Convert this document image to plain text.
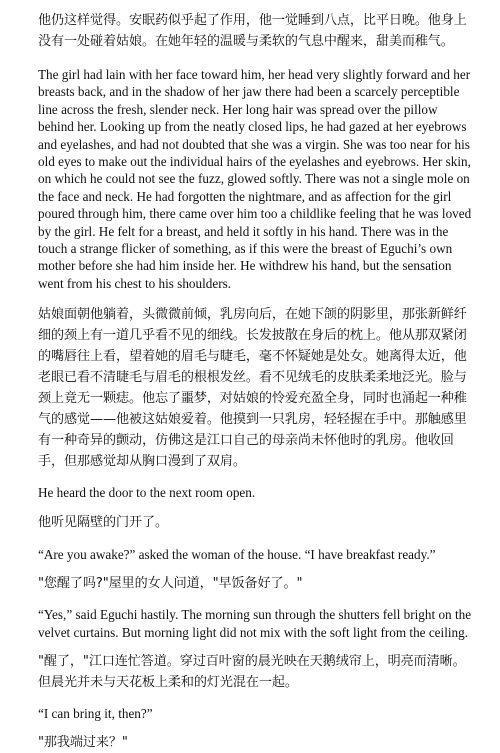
他仍这样觉得。安眠药似乎起了作用，他一觉睡到八点，比平日晚。他身上没有一处碰着姑娘。在她年轻的温暖与柔软的气息中醒来，甜美而稚气。

The girl had lain with her face toward him, her head very slightly forward and her breasts back, and in the shadow of her jaw there had been a scarcely perceptible line across the fresh, slender neck. Her long hair was spread over the pillow behind her. Looking up from the neatly closed lips, he had gazed at her eyebrows and eyelashes, and had not doubted that she was a virgin. She was too near for his old eyes to make out the individual hairs of the eyelashes and eyebrows. Her skin, on which he could not see the fuzz, glowed softly. There was not a single mole on the face and neck. He had forgotten the nightmare, and as affection for the girl poured through him, there came over him too a childlike feeling that he was loved by the girl. He felt for a breast, and held it softly in his hand. There was in the touch a strange flicker of something, as if this were the breast of Eguchi’s own mother before she had him inside her. He withdrew his hand, but the sensation went from his chest to his shoulders.

姑娘面朝他躺着，头微微前倾，乳房向后，在她下颌的阴影里，那张新鲜纤细的颈上有一道几乎看不见的细线。长发披散在身后的枕上。他从那双紧闭的嘴唇往上看，望着她的眉毛与睫毛，毫不怀疑她是处女。她离得太近，他老眼已看不清睫毛与眉毛的根根发丝。看不见绒毛的皮肤柔柔地泛光。脸与颈上竟无一颗痣。他忘了噩梦，对姑娘的怜爱充盈全身，同时也涌起一种稚气的感觉——他被这姑娘爱着。他摸到一只乳房，轻轻握在手中。那触感里有一种奇异的颤动，仿佛这是江口自己的母亲尚未怀他时的乳房。他收回手，但那感觉却从胸口漫到了双肩。

He heard the door to the next room open.

他听见隔壁的门开了。

“Are you awake?” asked the woman of the house. “I have breakfast ready.”

"您醒了吗?"屋里的女人问道，"早饭备好了。"

“Yes,” said Eguchi hastily. The morning sun through the shutters fell bright on the velvet curtains. But morning light did not mix with the soft light from the ceiling.

"醒了，"江口连忙答道。穿过百叶窗的晨光映在天鹅绒帘上，明亮而清晰。但晨光并未与天花板上柔和的灯光混在一起。

“I can bring it, then?”

"那我端过来？"
